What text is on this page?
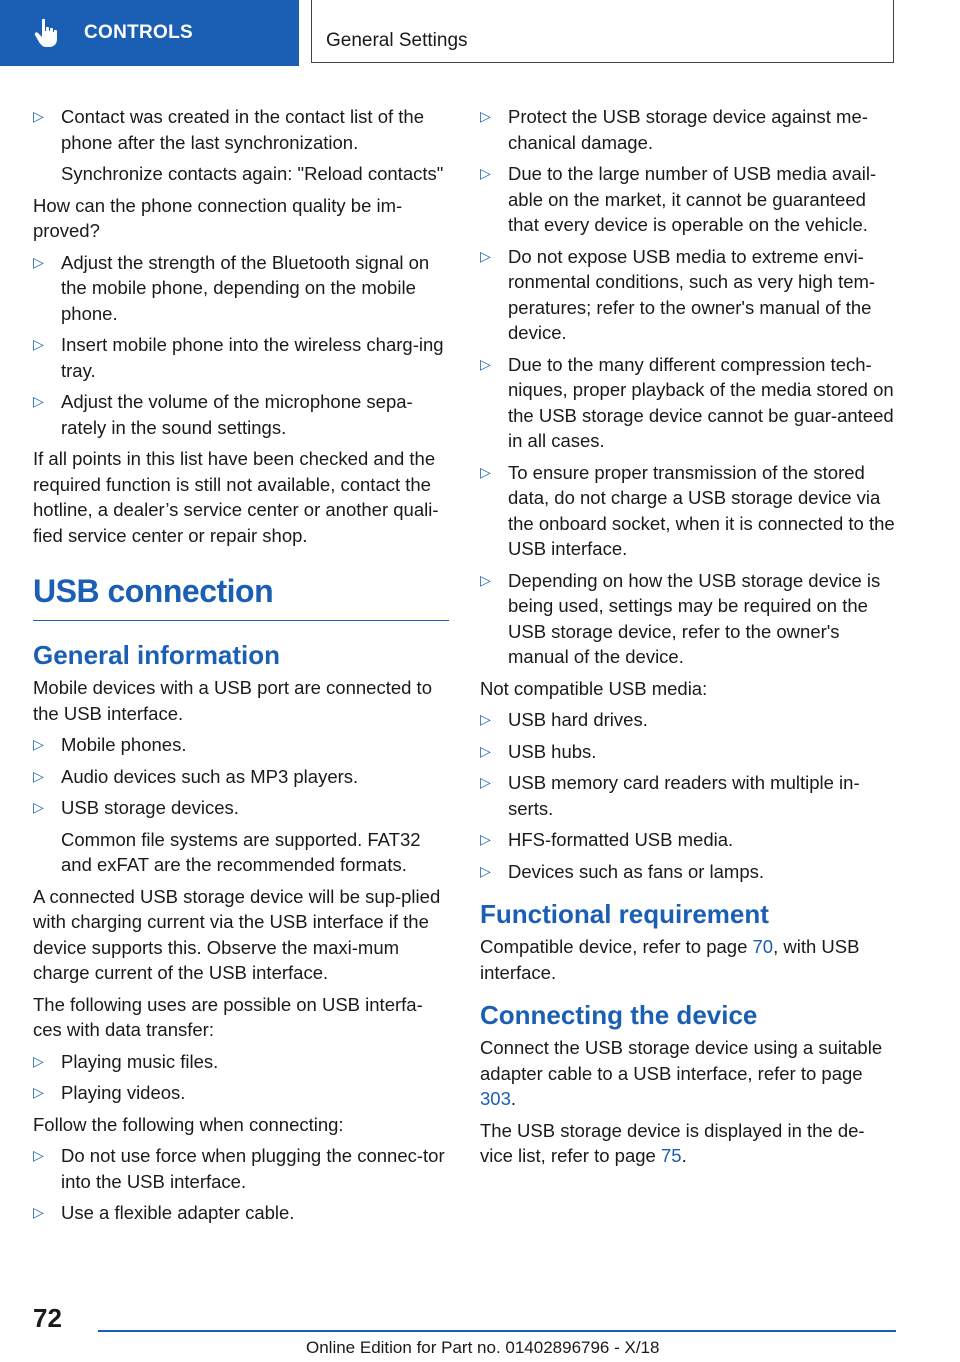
CONTROLS	General Settings
▷ Contact was created in the contact list of the phone after the last synchronization.
Synchronize contacts again: "Reload contacts"

How can the phone connection quality be im‐proved?

▷ Adjust the strength of the Bluetooth signal on the mobile phone, depending on the mobile phone.
▷ Insert mobile phone into the wireless charg‐ing tray.
▷ Adjust the volume of the microphone sepa‐rately in the sound settings.

If all points in this list have been checked and the required function is still not available, contact the hotline, a dealer’s service center or another quali‐fied service center or repair shop.

USB connection
General information

Mobile devices with a USB port are connected to the USB interface.

▷ Mobile phones.
▷ Audio devices such as MP3 players.
▷ USB storage devices.
Common file systems are supported. FAT32 and exFAT are the recommended formats.

A connected USB storage device will be sup‐plied with charging current via the USB interface if the device supports this. Observe the maxi‐mum charge current of the USB interface.

The following uses are possible on USB interfa‐ces with data transfer:

▷ Playing music files.
▷ Playing videos.

Follow the following when connecting:

▷ Do not use force when plugging the connec‐tor into the USB interface.
▷ Use a flexible adapter cable.
▷ Protect the USB storage device against me‐chanical damage.
▷ Due to the large number of USB media avail‐able on the market, it cannot be guaranteed that every device is operable on the vehicle.
▷ Do not expose USB media to extreme envi‐ronmental conditions, such as very high tem‐peratures; refer to the owner's manual of the device.
▷ Due to the many different compression tech‐niques, proper playback of the media stored on the USB storage device cannot be guar‐anteed in all cases.
▷ To ensure proper transmission of the stored data, do not charge a USB storage device via the onboard socket, when it is connected to the USB interface.
▷ Depending on how the USB storage device is being used, settings may be required on the USB storage device, refer to the owner's manual of the device.

Not compatible USB media:

▷ USB hard drives.
▷ USB hubs.
▷ USB memory card readers with multiple in‐serts.
▷ HFS-formatted USB media.
▷ Devices such as fans or lamps.
Functional requirement

Compatible device, refer to page 70, with USB interface.

Connecting the device

Connect the USB storage device using a suitable adapter cable to a USB interface, refer to page 303.

The USB storage device is displayed in the de‐vice list, refer to page 75.

72
Online Edition for Part no. 01402896796 - X/18
